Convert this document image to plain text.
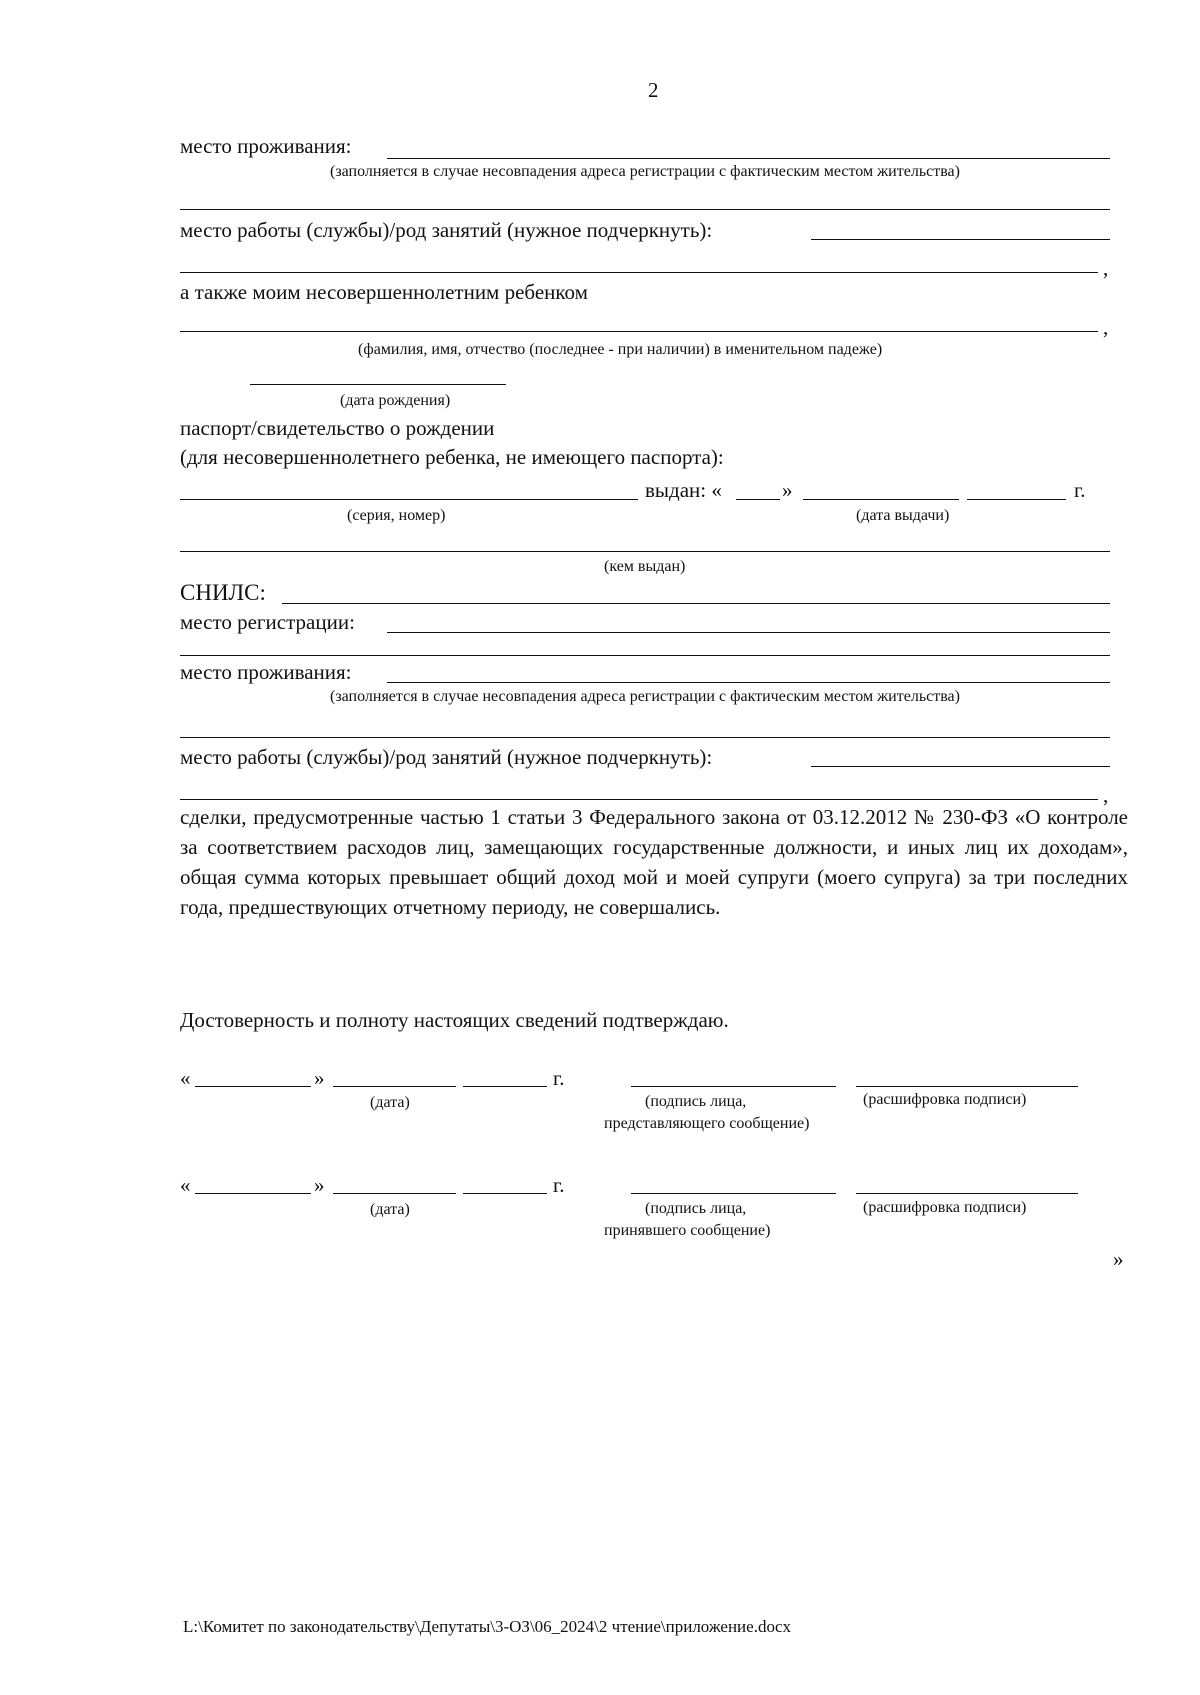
2
место проживания:
(заполняется в случае несовпадения адреса регистрации с фактическим местом жительства)
место работы (службы)/род занятий (нужное подчеркнуть):
,
а также моим несовершеннолетним ребенком
,
(фамилия, имя, отчество (последнее - при наличии) в именительном падеже)
(дата рождения)
паспорт/свидетельство о рождении
(для несовершеннолетнего ребенка, не имеющего паспорта):
выдан: «	»	г.
(серия, номер)	(дата выдачи)
(кем выдан)
СНИЛС:
место регистрации:
место проживания:
(заполняется в случае несовпадения адреса регистрации с фактическим местом жительства)
место работы (службы)/род занятий (нужное подчеркнуть):
,
сделки, предусмотренные частью 1 статьи 3 Федерального закона от 03.12.2012 № 230-ФЗ «О контроле за соответствием расходов лиц, замещающих государственные должности, и иных лиц их доходам», общая сумма которых превышает общий доход мой и моей супруги (моего супруга) за три последних года, предшествующих отчетному периоду, не совершались.
Достоверность и полноту настоящих сведений подтверждаю.
«	»	г.
(дата)	(подпись лица,
представляющего сообщение)
(расшифровка подписи)
«	»	г.
(дата)	(подпись лица,
принявшего сообщение)
(расшифровка подписи)
»
L:\Комитет по законодательству\Депутаты\3-ОЗ\06_2024\2 чтение\приложение.docx
